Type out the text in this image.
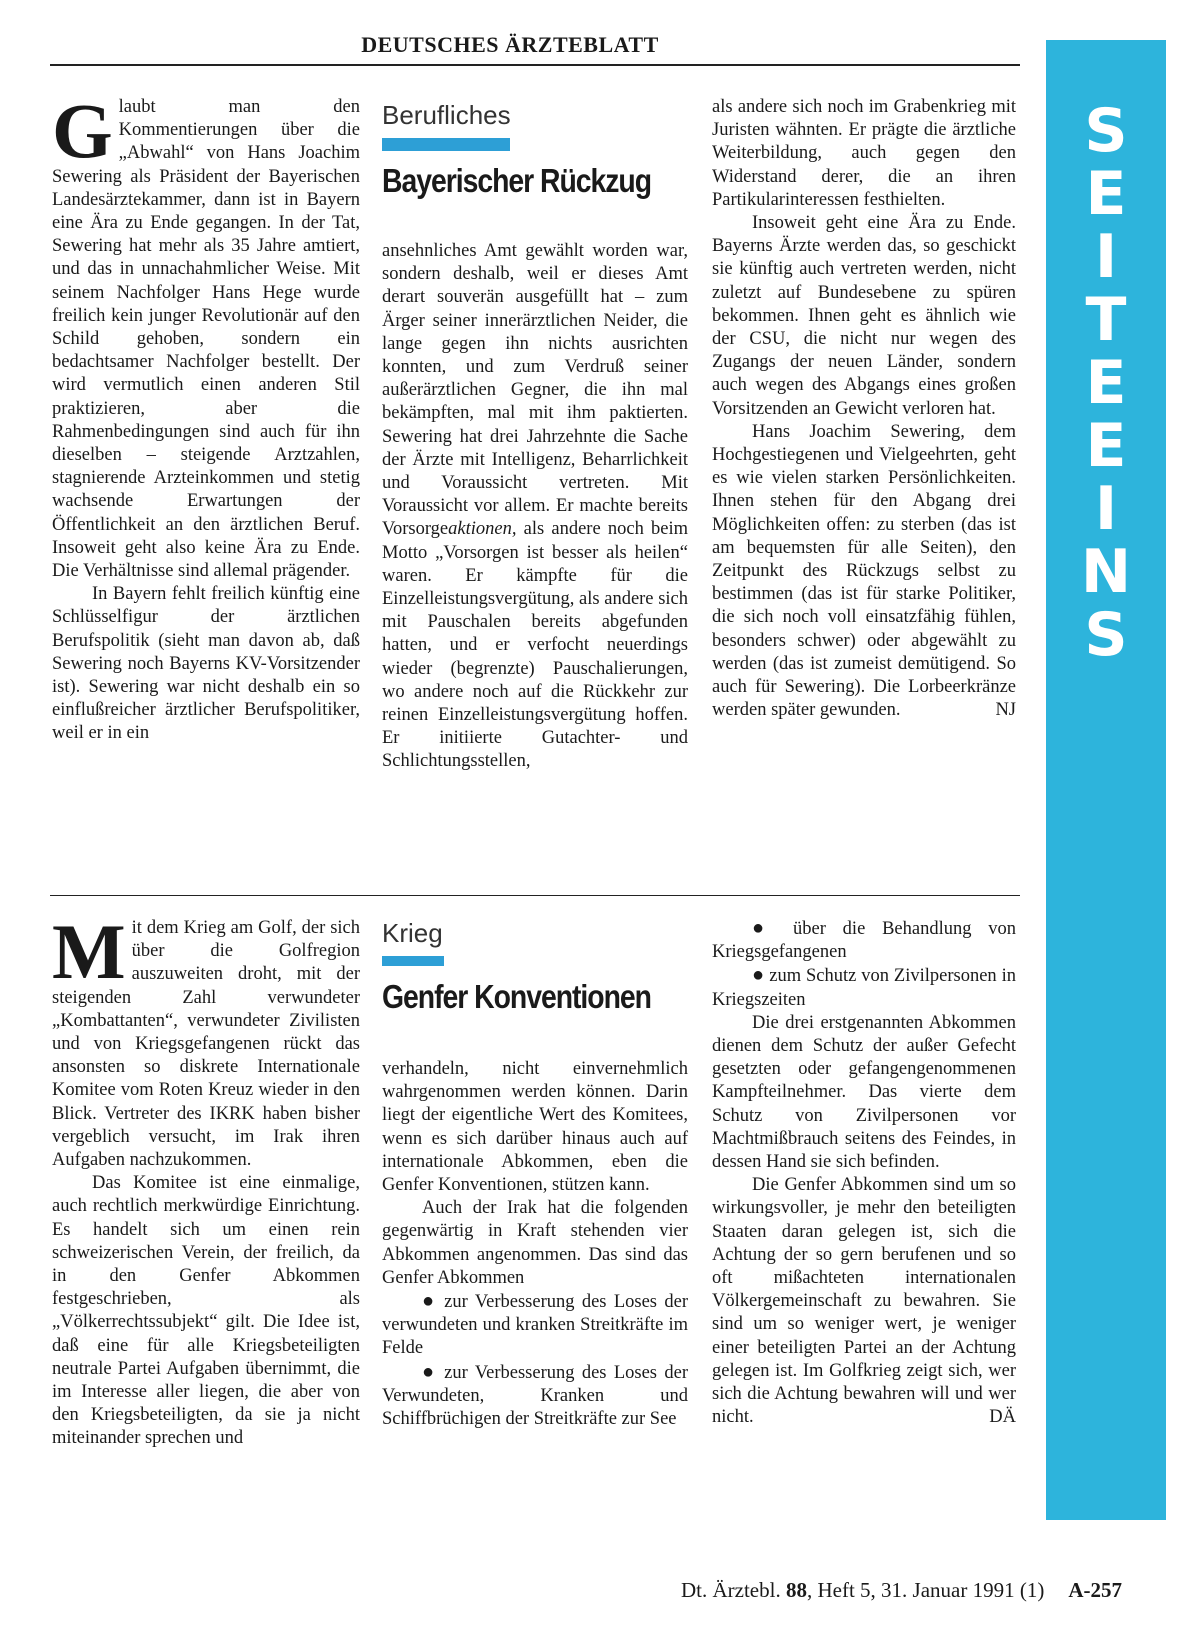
DEUTSCHES ÄRZTEBLATT
S
E
I
T
E
E
I
N
S

Glaubt man den Kommentierungen über die „Abwahl“ von Hans Joachim Sewering als Präsident der Bayerischen Landesärztekammer, dann ist in Bayern eine Ära zu Ende gegangen. In der Tat, Sewering hat mehr als 35 Jahre amtiert, und das in unnachahmlicher Weise. Mit seinem Nachfolger Hans Hege wurde freilich kein junger Revolutionär auf den Schild gehoben, sondern ein bedachtsamer Nachfolger bestellt. Der wird vermutlich einen anderen Stil praktizieren, aber die Rahmenbedingungen sind auch für ihn dieselben – steigende Arztzahlen, stagnierende Arzteinkommen und stetig wachsende Erwartungen der Öffentlichkeit an den ärztlichen Beruf. Insoweit geht also keine Ära zu Ende. Die Verhältnisse sind allemal prägender.

In Bayern fehlt freilich künftig eine Schlüsselfigur der ärztlichen Berufspolitik (sieht man davon ab, daß Sewering noch Bayerns KV-Vorsitzender ist). Sewering war nicht deshalb ein so einflußreicher ärztlicher Berufspolitiker, weil er in ein

Berufliches
Bayerischer Rückzug

ansehnliches Amt gewählt worden war, sondern deshalb, weil er dieses Amt derart souverän ausgefüllt hat – zum Ärger seiner innerärztlichen Neider, die lange gegen ihn nichts ausrichten konnten, und zum Verdruß seiner außerärztlichen Gegner, die ihn mal bekämpften, mal mit ihm paktierten. Sewering hat drei Jahrzehnte die Sache der Ärzte mit Intelligenz, Beharrlichkeit und Voraussicht vertreten. Mit Voraussicht vor allem. Er machte bereits Vorsorgeaktionen, als andere noch beim Motto „Vorsorgen ist besser als heilen“ waren. Er kämpfte für die Einzelleistungsvergütung, als andere sich mit Pauschalen bereits abgefunden hatten, und er verfocht neuerdings wieder (begrenzte) Pauschalierungen, wo andere noch auf die Rückkehr zur reinen Einzelleistungsvergütung hoffen. Er initiierte Gutachter- und Schlichtungsstellen,

als andere sich noch im Grabenkrieg mit Juristen wähnten. Er prägte die ärztliche Weiterbildung, auch gegen den Widerstand derer, die an ihren Partikularinteressen festhielten.

Insoweit geht eine Ära zu Ende. Bayerns Ärzte werden das, so geschickt sie künftig auch vertreten werden, nicht zuletzt auf Bundesebene zu spüren bekommen. Ihnen geht es ähnlich wie der CSU, die nicht nur wegen des Zugangs der neuen Länder, sondern auch wegen des Abgangs eines großen Vorsitzenden an Gewicht verloren hat.

Hans Joachim Sewering, dem Hochgestiegenen und Vielgeehrten, geht es wie vielen starken Persönlichkeiten. Ihnen stehen für den Abgang drei Möglichkeiten offen: zu sterben (das ist am bequemsten für alle Seiten), den Zeitpunkt des Rückzugs selbst zu bestimmen (das ist für starke Politiker, die sich noch voll einsatzfähig fühlen, besonders schwer) oder abgewählt zu werden (das ist zumeist demütigend. So auch für Sewering). Die Lorbeerkränze werden später gewunden.	NJ

Mit dem Krieg am Golf, der sich über die Golfregion auszuweiten droht, mit der steigenden Zahl verwundeter „Kombattanten“, verwundeter Zivilisten und von Kriegsgefangenen rückt das ansonsten so diskrete Internationale Komitee vom Roten Kreuz wieder in den Blick. Vertreter des IKRK haben bisher vergeblich versucht, im Irak ihren Aufgaben nachzukommen.

Das Komitee ist eine einmalige, auch rechtlich merkwürdige Einrichtung. Es handelt sich um einen rein schweizerischen Verein, der freilich, da in den Genfer Abkommen festgeschrieben, als „Völkerrechtssubjekt“ gilt. Die Idee ist, daß eine für alle Kriegsbeteiligten neutrale Partei Aufgaben übernimmt, die im Interesse aller liegen, die aber von den Kriegsbeteiligten, da sie ja nicht miteinander sprechen und

Krieg
Genfer Konventionen

verhandeln, nicht einvernehmlich wahrgenommen werden können. Darin liegt der eigentliche Wert des Komitees, wenn es sich darüber hinaus auch auf internationale Abkommen, eben die Genfer Konventionen, stützen kann.

Auch der Irak hat die folgenden gegenwärtig in Kraft stehenden vier Abkommen angenommen. Das sind das Genfer Abkommen

● zur Verbesserung des Loses der verwundeten und kranken Streitkräfte im Felde

● zur Verbesserung des Loses der Verwundeten, Kranken und Schiffbrüchigen der Streitkräfte zur See

● über die Behandlung von Kriegsgefangenen

● zum Schutz von Zivilpersonen in Kriegszeiten

Die drei erstgenannten Abkommen dienen dem Schutz der außer Gefecht gesetzten oder gefangengenommenen Kampfteilnehmer. Das vierte dem Schutz von Zivilpersonen vor Machtmißbrauch seitens des Feindes, in dessen Hand sie sich befinden.

Die Genfer Abkommen sind um so wirkungsvoller, je mehr den beteiligten Staaten daran gelegen ist, sich die Achtung der so gern berufenen und so oft mißachteten internationalen Völkergemeinschaft zu bewahren. Sie sind um so weniger wert, je weniger einer beteiligten Partei an der Achtung gelegen ist. Im Golfkrieg zeigt sich, wer sich die Achtung bewahren will und wer nicht.	DÄ

Dt. Ärztebl. 88, Heft 5, 31. Januar 1991 (1) A-257
